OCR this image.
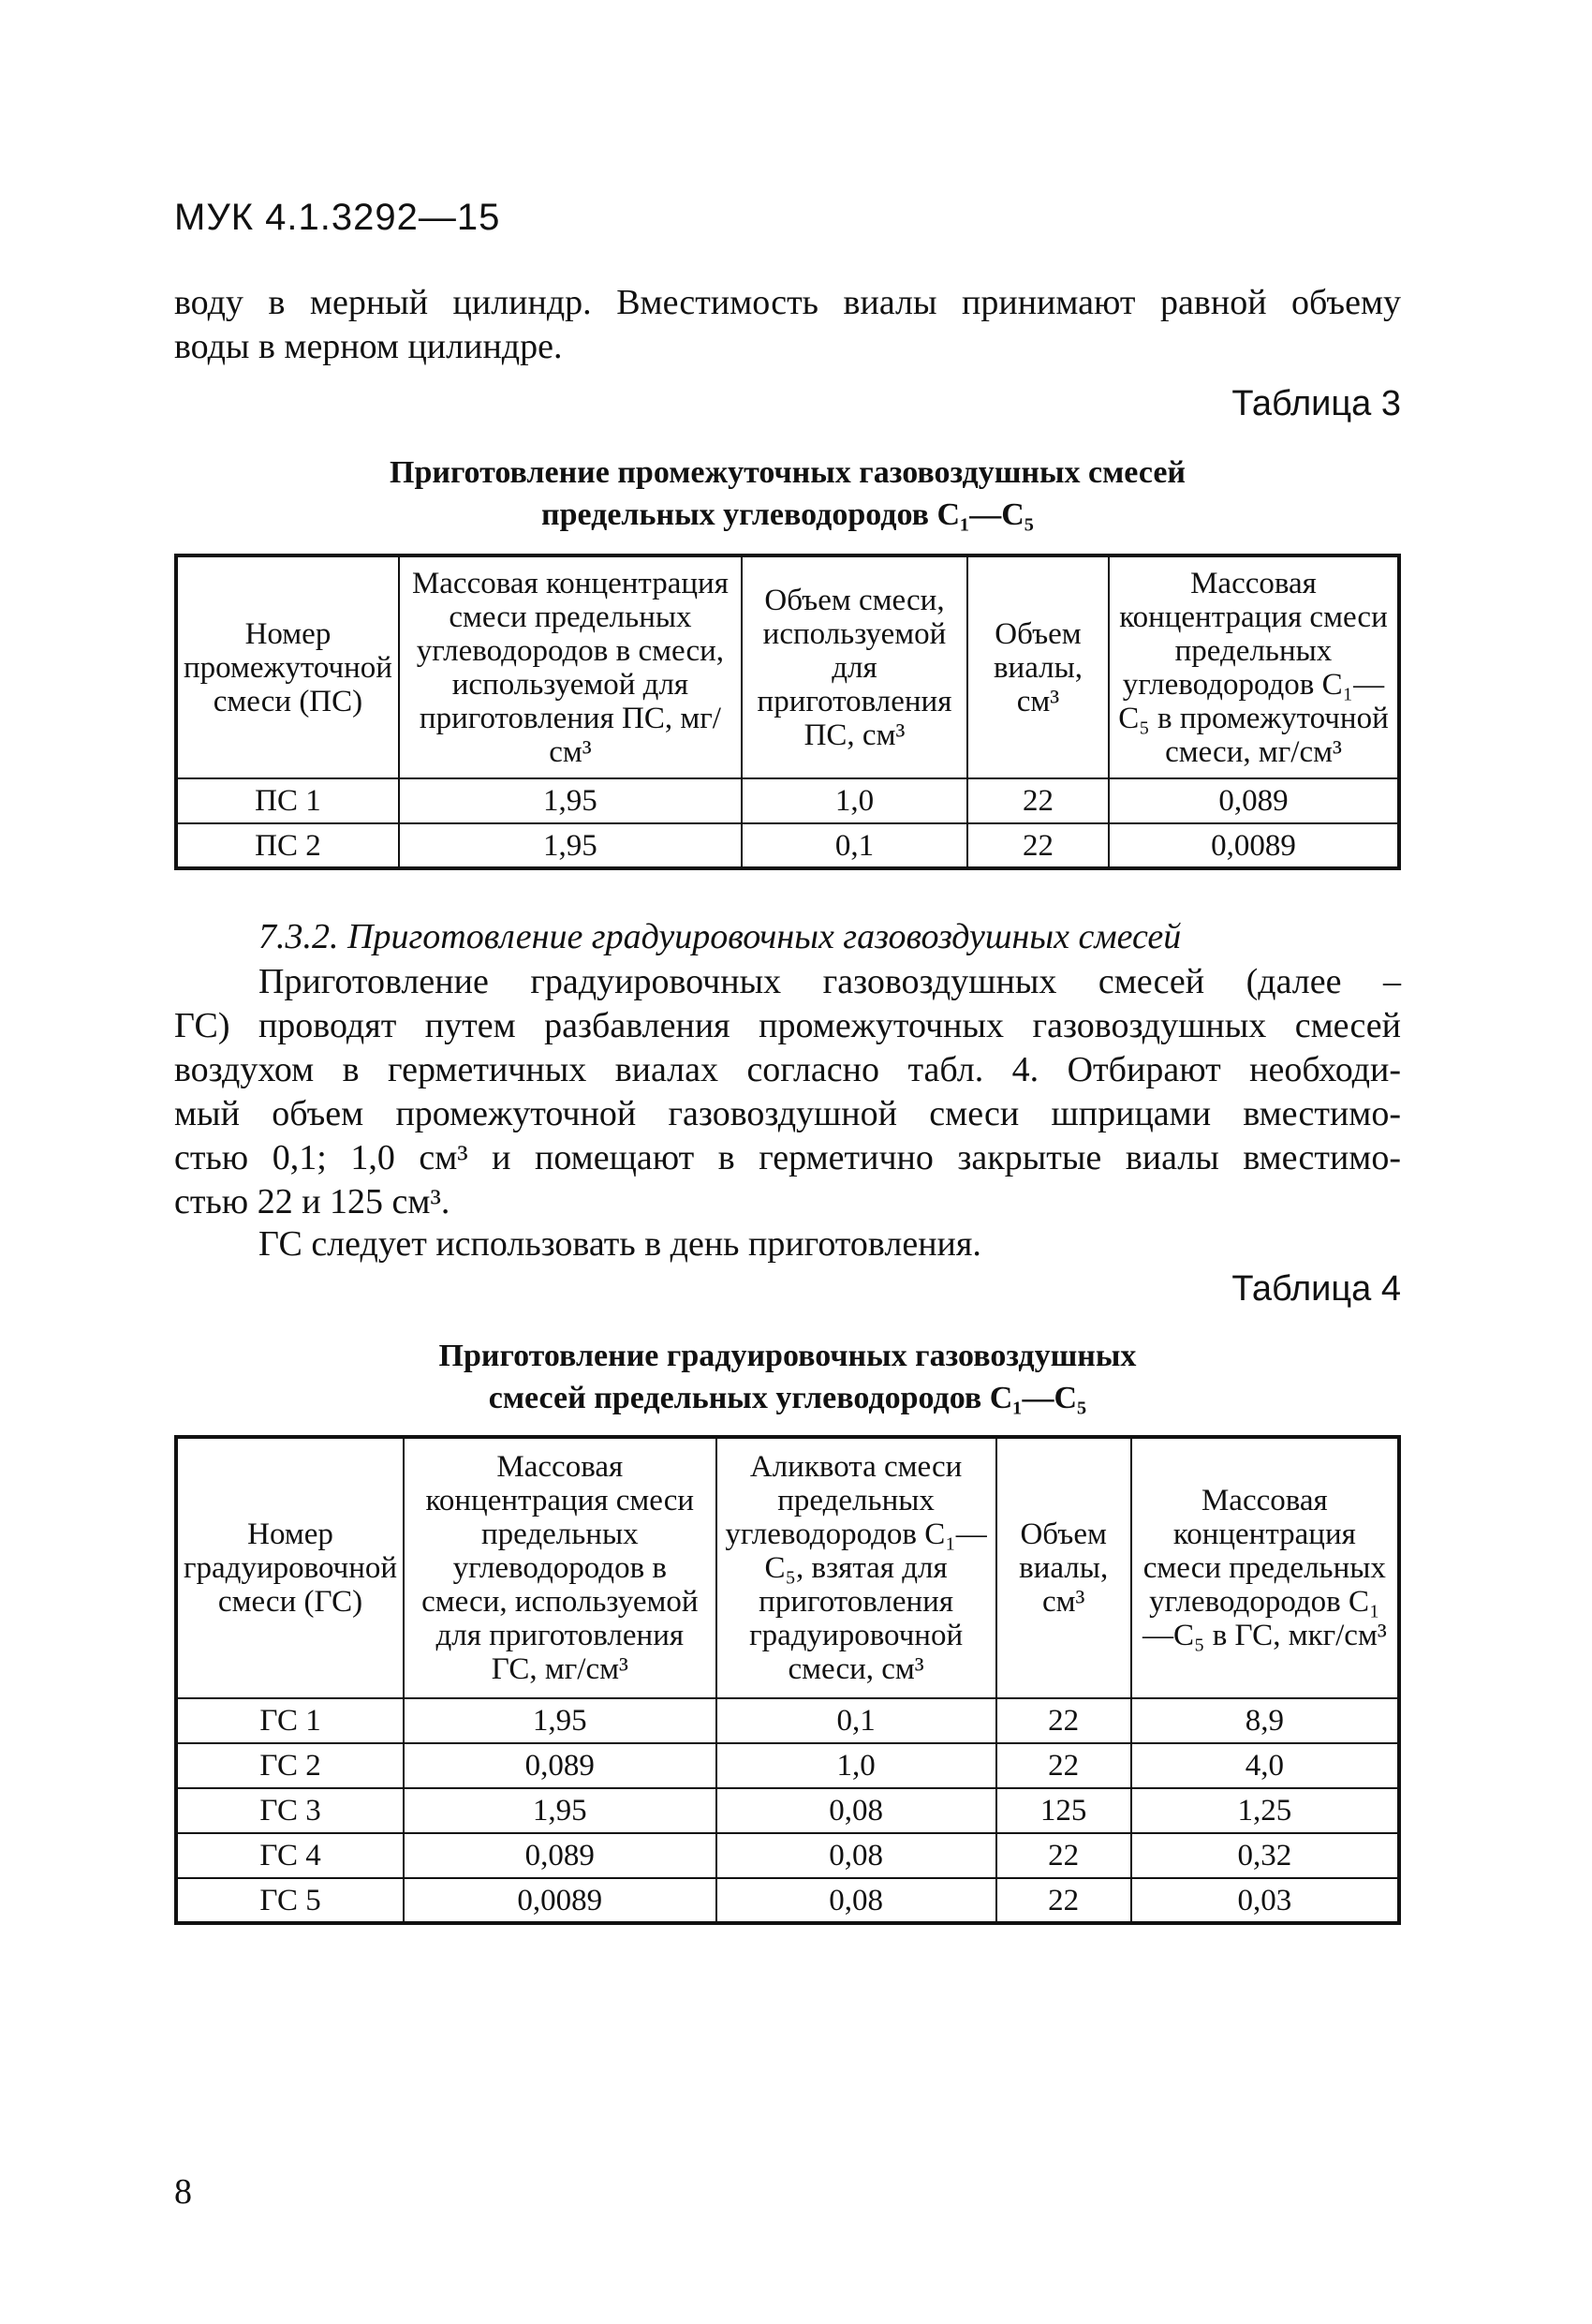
МУК 4.1.3292—15
воду в мерный цилиндр. Вместимость виалы принимают равной объему
воды в мерном цилиндре.
Таблица 3
Приготовление промежуточных газовоздушных смесей
предельных углеводородов С₁—С₅
Номер промежуточной смеси (ПС)	Массовая концентрация смеси предельных углеводородов в смеси, используемой для приготовления ПС, мг/см³	Объем смеси, используемой для приготовления ПС, см³	Объем виалы, см³	Массовая концентрация смеси предельных углеводородов С₁—С₅ в промежуточной смеси, мг/см³
ПС 1	1,95	1,0	22	0,089
ПС 2	1,95	0,1	22	0,0089
7.3.2. Приготовление градуировочных газовоздушных смесей
Приготовление градуировочных газовоздушных смесей (далее –
ГС) проводят путем разбавления промежуточных газовоздушных смесей
воздухом в герметичных виалах согласно табл. 4. Отбирают необходи-
мый объем промежуточной газовоздушной смеси шприцами вместимо-
стью 0,1; 1,0 см³ и помещают в герметично закрытые виалы вместимо-
стью 22 и 125 см³.
ГС следует использовать в день приготовления.
Таблица 4
Приготовление градуировочных газовоздушных
смесей предельных углеводородов С₁—С₅
Номер градуировочной смеси (ГС)	Массовая концентрация смеси предельных углеводородов в смеси, используемой для приготовления ГС, мг/см³	Аликвота смеси предельных углеводородов С₁—С₅, взятая для приготовления градуировочной смеси, см³	Объем виалы, см³	Массовая концентрация смеси предельных углеводородов С₁—С₅ в ГС, мкг/см³
ГС 1	1,95	0,1	22	8,9
ГС 2	0,089	1,0	22	4,0
ГС 3	1,95	0,08	125	1,25
ГС 4	0,089	0,08	22	0,32
ГС 5	0,0089	0,08	22	0,03
8
